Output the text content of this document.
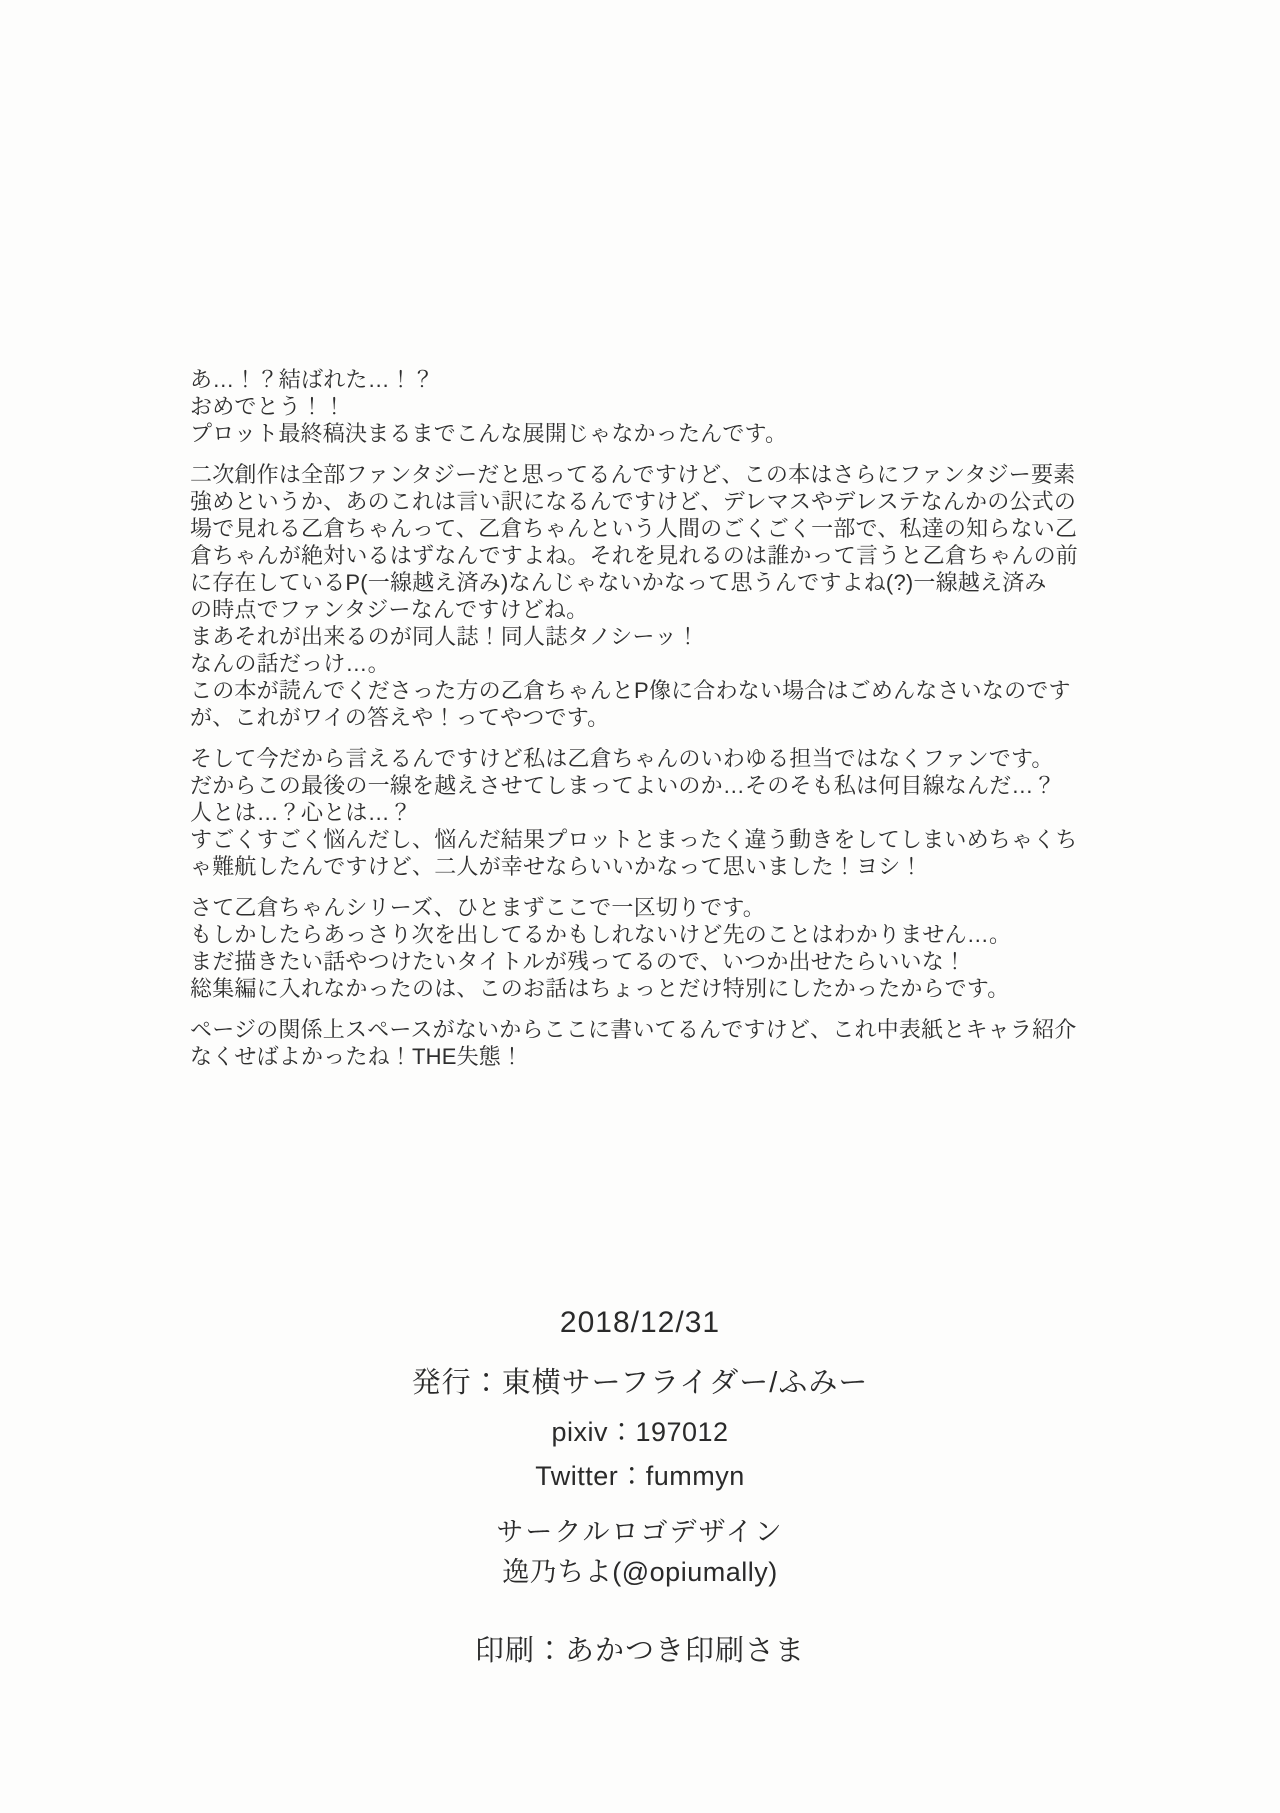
あ…！？結ばれた…！？
おめでとう！！
プロット最終稿決まるまでこんな展開じゃなかったんです。

二次創作は全部ファンタジーだと思ってるんですけど、この本はさらにファンタジー要素
強めというか、あのこれは言い訳になるんですけど、デレマスやデレステなんかの公式の
場で見れる乙倉ちゃんって、乙倉ちゃんという人間のごくごく一部で、私達の知らない乙
倉ちゃんが絶対いるはずなんですよね。それを見れるのは誰かって言うと乙倉ちゃんの前
に存在しているP(一線越え済み)なんじゃないかなって思うんですよね(?)一線越え済み
の時点でファンタジーなんですけどね。
まあそれが出来るのが同人誌！同人誌タノシーッ！
なんの話だっけ…。
この本が読んでくださった方の乙倉ちゃんとP像に合わない場合はごめんなさいなのです
が、これがワイの答えや！ってやつです。

そして今だから言えるんですけど私は乙倉ちゃんのいわゆる担当ではなくファンです。
だからこの最後の一線を越えさせてしまってよいのか…そのそも私は何目線なんだ…？
人とは…？心とは…？
すごくすごく悩んだし、悩んだ結果プロットとまったく違う動きをしてしまいめちゃくち
ゃ難航したんですけど、二人が幸せならいいかなって思いました！ヨシ！

さて乙倉ちゃんシリーズ、ひとまずここで一区切りです。
もしかしたらあっさり次を出してるかもしれないけど先のことはわかりません…。
まだ描きたい話やつけたいタイトルが残ってるので、いつか出せたらいいな！
総集編に入れなかったのは、このお話はちょっとだけ特別にしたかったからです。

ページの関係上スペースがないからここに書いてるんですけど、これ中表紙とキャラ紹介
なくせばよかったね！THE失態！

2018/12/31
発行：東横サーフライダー/ふみー
pixiv：197012
Twitter：fummyn
サークルロゴデザイン
逸乃ちよ(@opiumally)
印刷：あかつき印刷さま
